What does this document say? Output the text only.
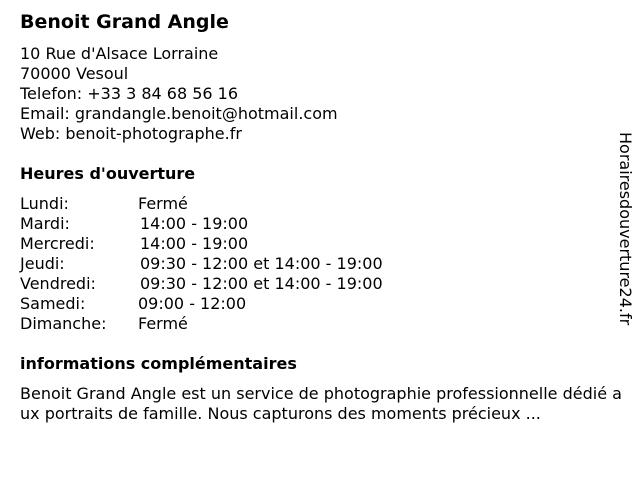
Benoit Grand Angle
10 Rue d'Alsace Lorraine
70000 Vesoul
Telefon: +33 3 84 68 56 16
Email: grandangle.benoit@hotmail.com
Web: benoit-photographe.fr
Heures d'ouverture
Lundi:	Fermé
Mardi:	14:00 - 19:00
Mercredi:	14:00 - 19:00
Jeudi:	09:30 - 12:00 et 14:00 - 19:00
Vendredi:	09:30 - 12:00 et 14:00 - 19:00
Samedi:	09:00 - 12:00
Dimanche: Fermé
informations complémentaires
Benoit Grand Angle est un service de photographie professionnelle dédié aux portraits de famille. Nous capturons des moments précieux ...
Horairesdouverture24.fr
